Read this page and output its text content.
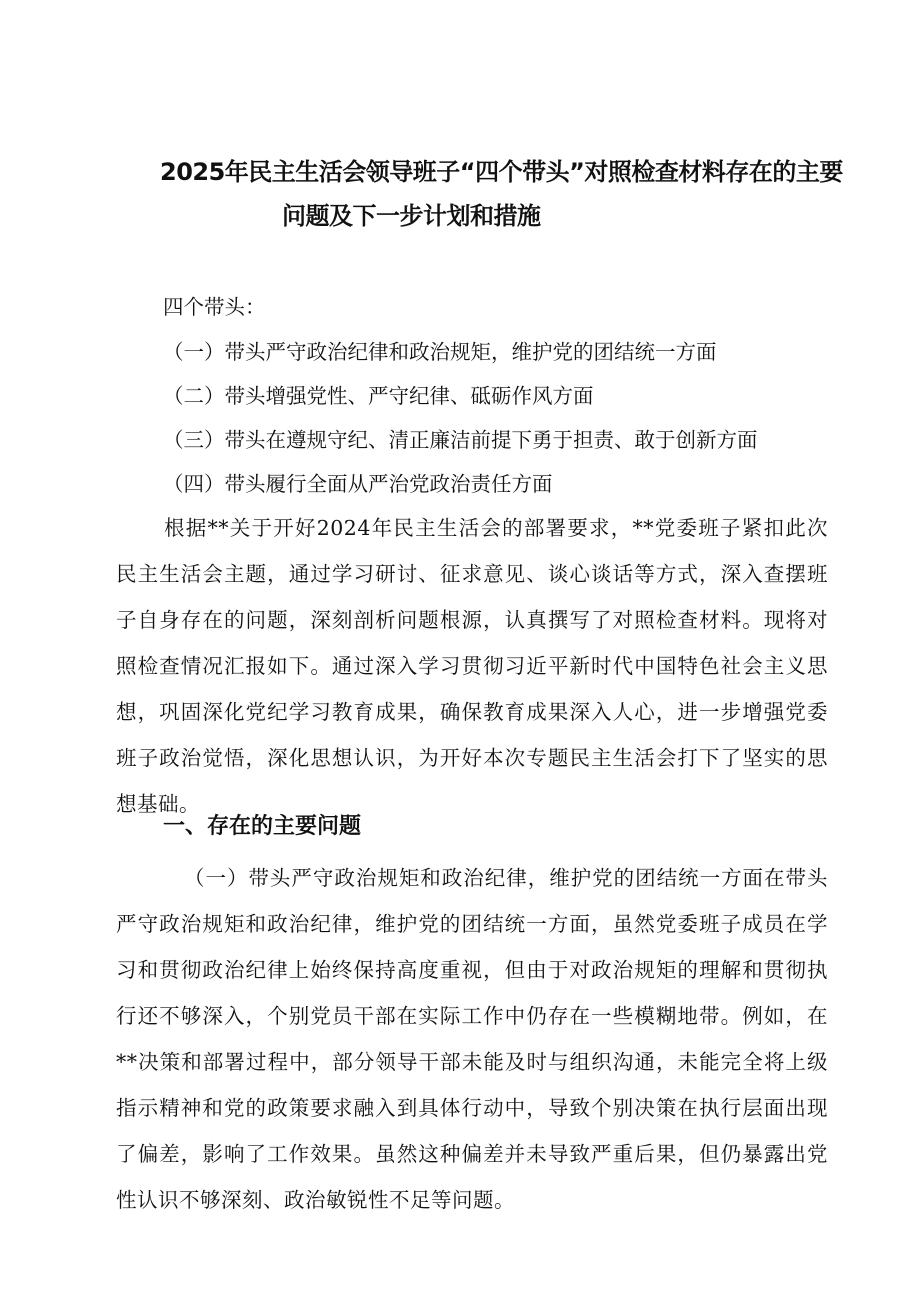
2025年民主生活会领导班子“四个带头”对照检查材料存在的主要
问题及下一步计划和措施
四个带头：
（一）带头严守政治纪律和政治规矩，维护党的团结统一方面
（二）带头增强党性、严守纪律、砥砺作风方面
（三）带头在遵规守纪、清正廉洁前提下勇于担责、敢于创新方面
（四）带头履行全面从严治党政治责任方面
根据**关于开好2024年民主生活会的部署要求，**党委班子紧扣此次民主生活会主题，通过学习研讨、征求意见、谈心谈话等方式，深入查摆班子自身存在的问题，深刻剖析问题根源，认真撰写了对照检查材料。现将对照检查情况汇报如下。通过深入学习贯彻习近平新时代中国特色社会主义思想，巩固深化党纪学习教育成果，确保教育成果深入人心，进一步增强党委班子政治觉悟，深化思想认识，为开好本次专题民主生活会打下了坚实的思想基础。
一、存在的主要问题
（一）带头严守政治规矩和政治纪律，维护党的团结统一方面在带头严守政治规矩和政治纪律，维护党的团结统一方面，虽然党委班子成员在学习和贯彻政治纪律上始终保持高度重视，但由于对政治规矩的理解和贯彻执行还不够深入，个别党员干部在实际工作中仍存在一些模糊地带。例如，在**决策和部署过程中，部分领导干部未能及时与组织沟通，未能完全将上级指示精神和党的政策要求融入到具体行动中，导致个别决策在执行层面出现了偏差，影响了工作效果。虽然这种偏差并未导致严重后果，但仍暴露出党性认识不够深刻、政治敏锐性不足等问题。
